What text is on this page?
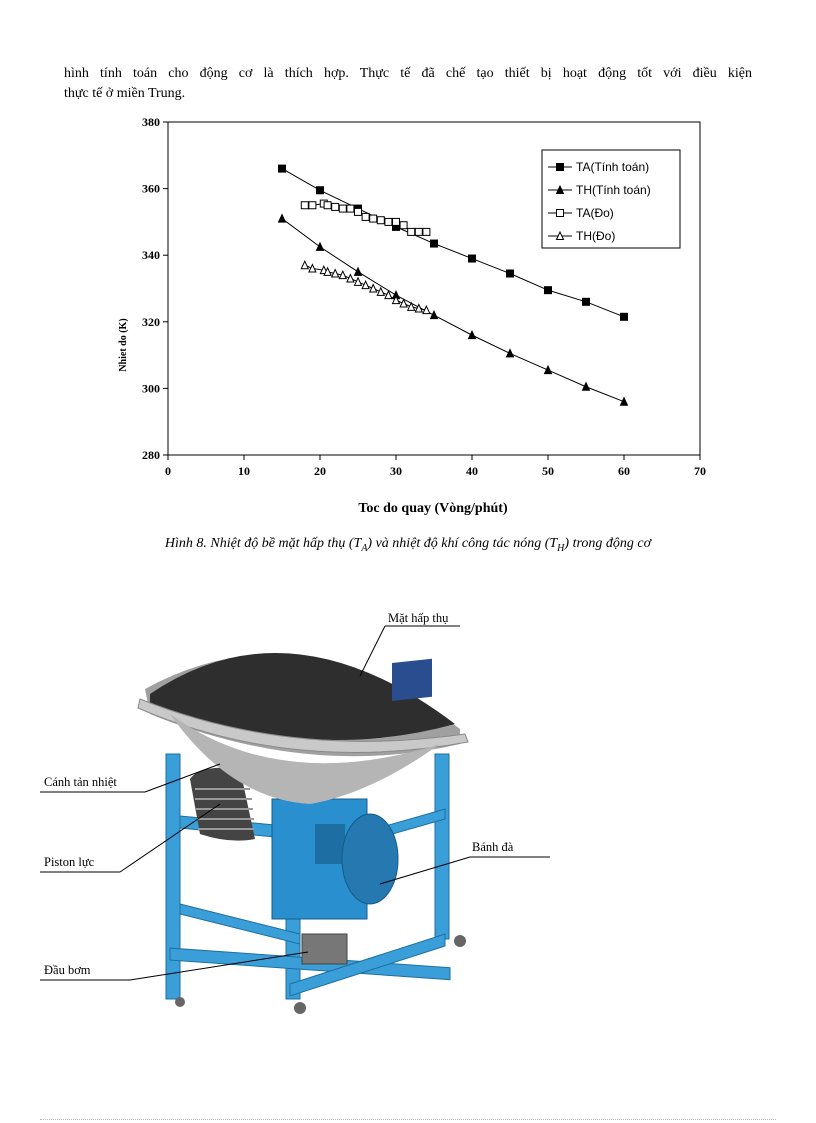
hình tính toán cho động cơ là thích hợp. Thực tế đã chế tạo thiết bị hoạt động tốt với điều kiện
thực tế ở miền Trung.
0	10	20	30	40	50	60	70
280
300
320
340
360
380
TA(Tính toán)
TH(Tính toán)
TA(Đo)
TH(Đo)
Toc do quay (Vòng/phút)
Nhiet do (K)
Hình 8. Nhiệt độ bề mặt hấp thụ $(T_A)$ và nhiệt độ khí công tác nóng $(T_H)$ trong động cơ
Mặt hấp thụ
Cánh tản nhiệt
Piston lực
Bánh đà
Đầu bơm
